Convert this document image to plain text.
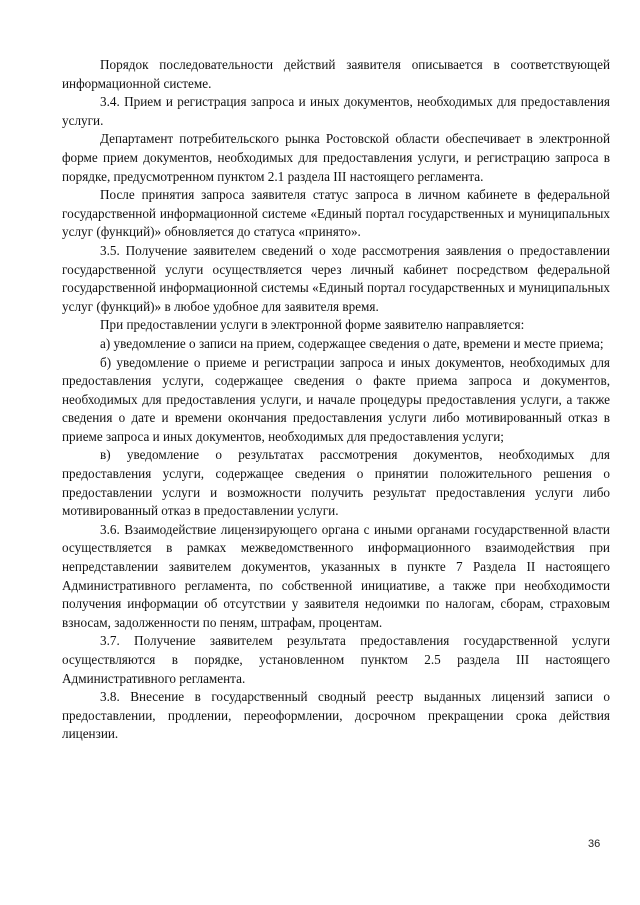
Порядок последовательности действий заявителя описывается в соответствующей информационной системе.

3.4. Прием и регистрация запроса и иных документов, необходимых для предоставления услуги.

Департамент потребительского рынка Ростовской области обеспечивает в электронной форме прием документов, необходимых для предоставления услуги, и регистрацию запроса в порядке, предусмотренном пунктом 2.1 раздела III настоящего регламента.

После принятия запроса заявителя статус запроса в личном кабинете в федеральной государственной информационной системе «Единый портал государственных и муниципальных услуг (функций)» обновляется до статуса «принято».

3.5. Получение заявителем сведений о ходе рассмотрения заявления о предоставлении государственной услуги осуществляется через личный кабинет посредством федеральной государственной информационной системы «Единый портал государственных и муниципальных услуг (функций)» в любое удобное для заявителя время.

При предоставлении услуги в электронной форме заявителю направляется:

а) уведомление о записи на прием, содержащее сведения о дате, времени и месте приема;

б) уведомление о приеме и регистрации запроса и иных документов, необходимых для предоставления услуги, содержащее сведения о факте приема запроса и документов, необходимых для предоставления услуги, и начале процедуры предоставления услуги, а также сведения о дате и времени окончания предоставления услуги либо мотивированный отказ в приеме запроса и иных документов, необходимых для предоставления услуги;

в) уведомление о результатах рассмотрения документов, необходимых для предоставления услуги, содержащее сведения о принятии положительного решения о предоставлении услуги и возможности получить результат предоставления услуги либо мотивированный отказ в предоставлении услуги.

3.6. Взаимодействие лицензирующего органа с иными органами государственной власти осуществляется в рамках межведомственного информационного взаимодействия при непредставлении заявителем документов, указанных в пункте 7 Раздела II настоящего Административного регламента, по собственной инициативе, а также при необходимости получения информации об отсутствии у заявителя недоимки по налогам, сборам, страховым взносам, задолженности по пеням, штрафам, процентам.

3.7. Получение заявителем результата предоставления государственной услуги осуществляются в порядке, установленном пунктом 2.5 раздела III настоящего Административного регламента.

3.8. Внесение в государственный сводный реестр выданных лицензий записи о предоставлении, продлении, переоформлении, досрочном прекращении срока действия лицензии.

36
